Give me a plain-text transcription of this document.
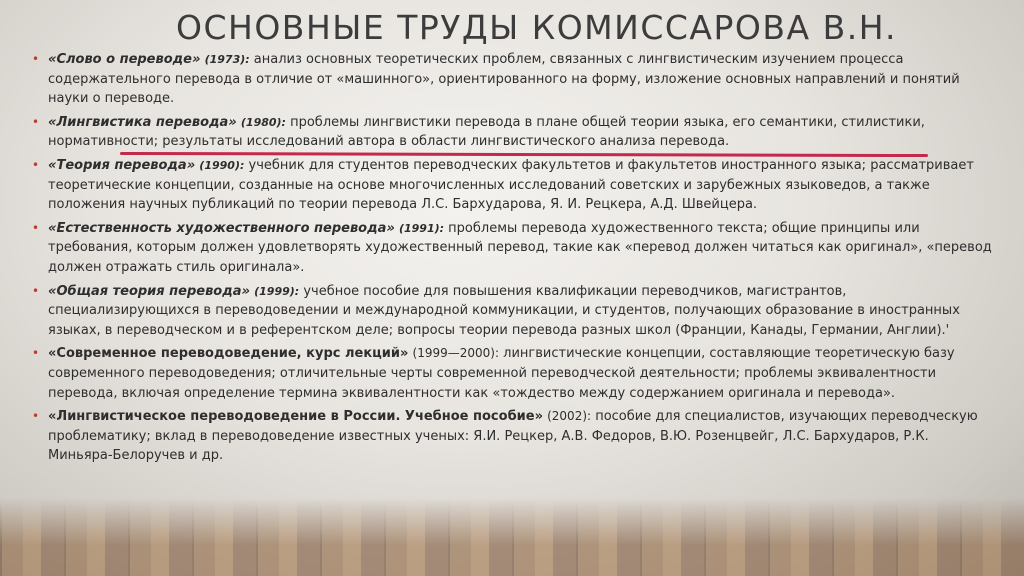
ОСНОВНЫЕ ТРУДЫ КОМИССАРОВА В.Н.
• «Слово о переводе» (1973): анализ основных теоретических проблем, связанных с лингвистическим изучением процесса содержательного перевода в отличие от «машинного», ориентированного на форму, изложение основных направлений и понятий науки о переводе.
• «Лингвистика перевода» (1980): проблемы лингвистики перевода в плане общей теории языка, его семантики, стилистики, нормативности; результаты исследований автора в области лингвистического анализа перевода.
• «Теория перевода» (1990): учебник для студентов переводческих факультетов и факультетов иностранного языка; рассматривает теоретические концепции, созданные на основе многочисленных исследований советских и зарубежных языковедов, а также положения научных публикаций по теории перевода Л.С. Бархударова, Я. И. Рецкера, А.Д. Швейцера.
• «Естественность художественного перевода» (1991): проблемы перевода художественного текста; общие принципы или требования, которым должен удовлетворять художественный перевод, такие как «перевод должен читаться как оригинал», «перевод должен отражать стиль оригинала».
• «Общая теория перевода» (1999): учебное пособие для повышения квалификации переводчиков, магистрантов, специализирующихся в переводоведении и международной коммуникации, и студентов, получающих образование в иностранных языках, в переводческом и в референтском деле; вопросы теории перевода разных школ (Франции, Канады, Германии, Англии).'
• «Современное переводоведение, курс лекций» (1999—2000): лингвистические концепции, составляющие теоретическую базу современного переводоведения; отличительные черты современной переводческой деятельности; проблемы эквивалентности перевода, включая определение термина эквивалентности как «тождество между содержанием оригинала и перевода».
• «Лингвистическое переводоведение в России. Учебное пособие» (2002): пособие для специалистов, изучающих переводческую проблематику; вклад в переводоведение известных ученых: Я.И. Рецкер, А.В. Федоров, В.Ю. Розенцвейг, Л.С. Бархударов, Р.К. Миньяра-Белоручев и др.
